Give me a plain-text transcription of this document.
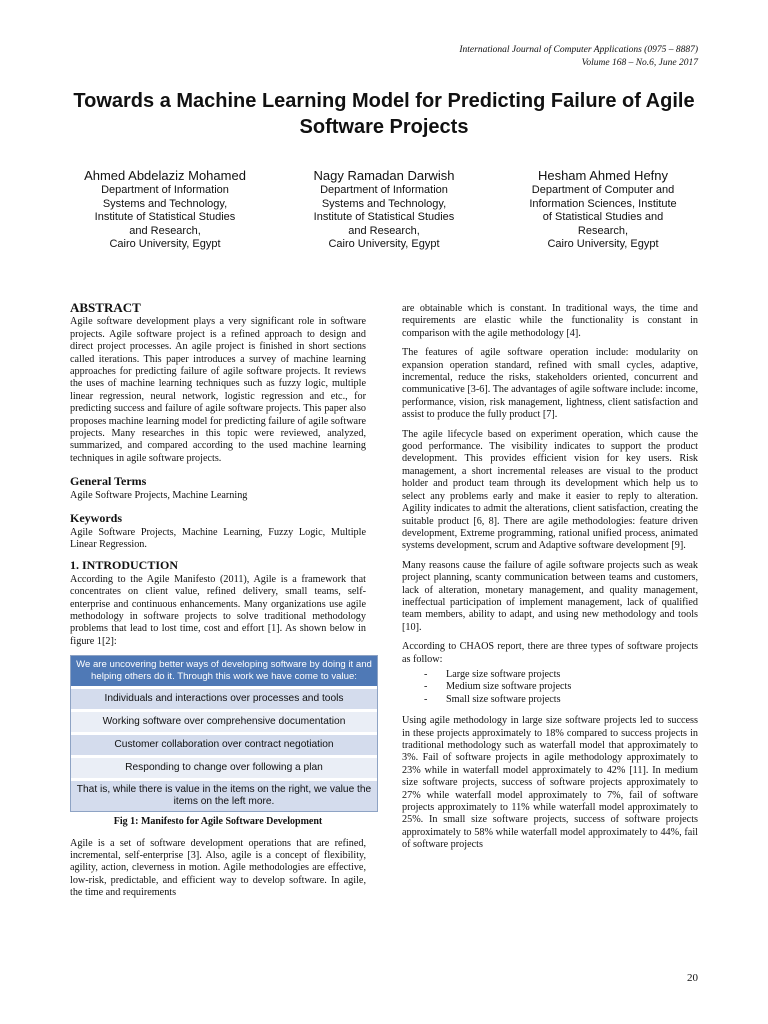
International Journal of Computer Applications (0975 – 8887)
Volume 168 – No.6, June 2017
Towards a Machine Learning Model for Predicting Failure of Agile Software Projects
Ahmed Abdelaziz Mohamed
Department of Information
Systems and Technology,
Institute of Statistical Studies
and Research,
Cairo University, Egypt
Nagy Ramadan Darwish
Department of Information
Systems and Technology,
Institute of Statistical Studies
and Research,
Cairo University, Egypt
Hesham Ahmed Hefny
Department of Computer and
Information Sciences, Institute
of Statistical Studies and
Research,
Cairo University, Egypt
ABSTRACT

Agile software development plays a very significant role in software projects. Agile software project is a refined approach to design and direct project processes. An agile project is finished in short sections called iterations. This paper introduces a survey of machine learning approaches for predicting failure of agile software projects. It reviews the uses of machine learning techniques such as fuzzy logic, multiple linear regression, neural network, logistic regression and etc., for predicting success and failure of agile software projects. This paper also proposes machine learning model for predicting failure of agile software projects. Many researches in this topic were reviewed, analyzed, summarized, and compared according to the used machine learning techniques in agile software projects.

General Terms

Agile Software Projects, Machine Learning

Keywords

Agile Software Projects, Machine Learning, Fuzzy Logic, Multiple Linear Regression.

1. INTRODUCTION

According to the Agile Manifesto (2011), Agile is a framework that concentrates on client value, refined delivery, small teams, self-enterprise and continuous enhancements. Many organizations use agile methodology in software projects to solve traditional methodology problems that lead to lost time, cost and effort [1]. As shown below in figure 1[2]:

We are uncovering better ways of developing software by doing it and helping others do it. Through this work we have come to value:
Individuals and interactions over processes and tools
Working software over comprehensive documentation
Customer collaboration over contract negotiation
Responding to change over following a plan
That is, while there is value in the items on the right, we value the items on the left more.
Fig 1: Manifesto for Agile Software Development

Agile is a set of software development operations that are refined, incremental, self-enterprise [3]. Also, agile is a concept of flexibility, agility, action, cleverness in motion. Agile methodologies are effective, low-risk, predictable, and efficient way to develop software. In agile, the time and requirements

are obtainable which is constant. In traditional ways, the time and requirements are elastic while the functionality is constant in comparison with the agile methodology [4].

The features of agile software operation include: modularity on expansion operation standard, refined with small cycles, adaptive, incremental, reduce the risks, stakeholders oriented, concurrent and communicative [3-6]. The advantages of agile software include: income, performance, vision, risk management, lightness, client satisfaction and assist to produce the fully product [7].

The agile lifecycle based on experiment operation, which cause the good performance. The visibility indicates to support the product development. This provides efficient vision for key users. Risk management, a short incremental releases are visual to the product holder and product team through its development which help us to select any problems early and make it easier to reply to alteration. Agility indicates to admit the alterations, client satisfaction, creating the suitable product [6, 8]. There are agile methodologies: feature driven development, Extreme programming, rational unified process, animated systems development, scrum and Adaptive software development [9].

Many reasons cause the failure of agile software projects such as weak project planning, scanty communication between teams and customers, lack of alteration, monetary management, and quality management, ineffectual participation of implement management, lack of qualified team members, ability to adapt, and using new methodology and tools [10].

According to CHAOS report, there are three types of software projects as follow:

- Large size software projects
- Medium size software projects
- Small size software projects

Using agile methodology in large size software projects led to success in these projects approximately to 18% compared to success projects in traditional methodology such as waterfall model that approximately to 3%. Fail of software projects in agile methodology approximately to 23% while in waterfall model approximately to 42% [11]. In medium size software projects, success of software projects approximately to 27% while waterfall model approximately to 7%, fail of software projects approximately to 11% while waterfall model approximately to 25%. In small size software projects, success of software projects approximately to 58% while waterfall model approximately to 44%, fail of software projects

20
